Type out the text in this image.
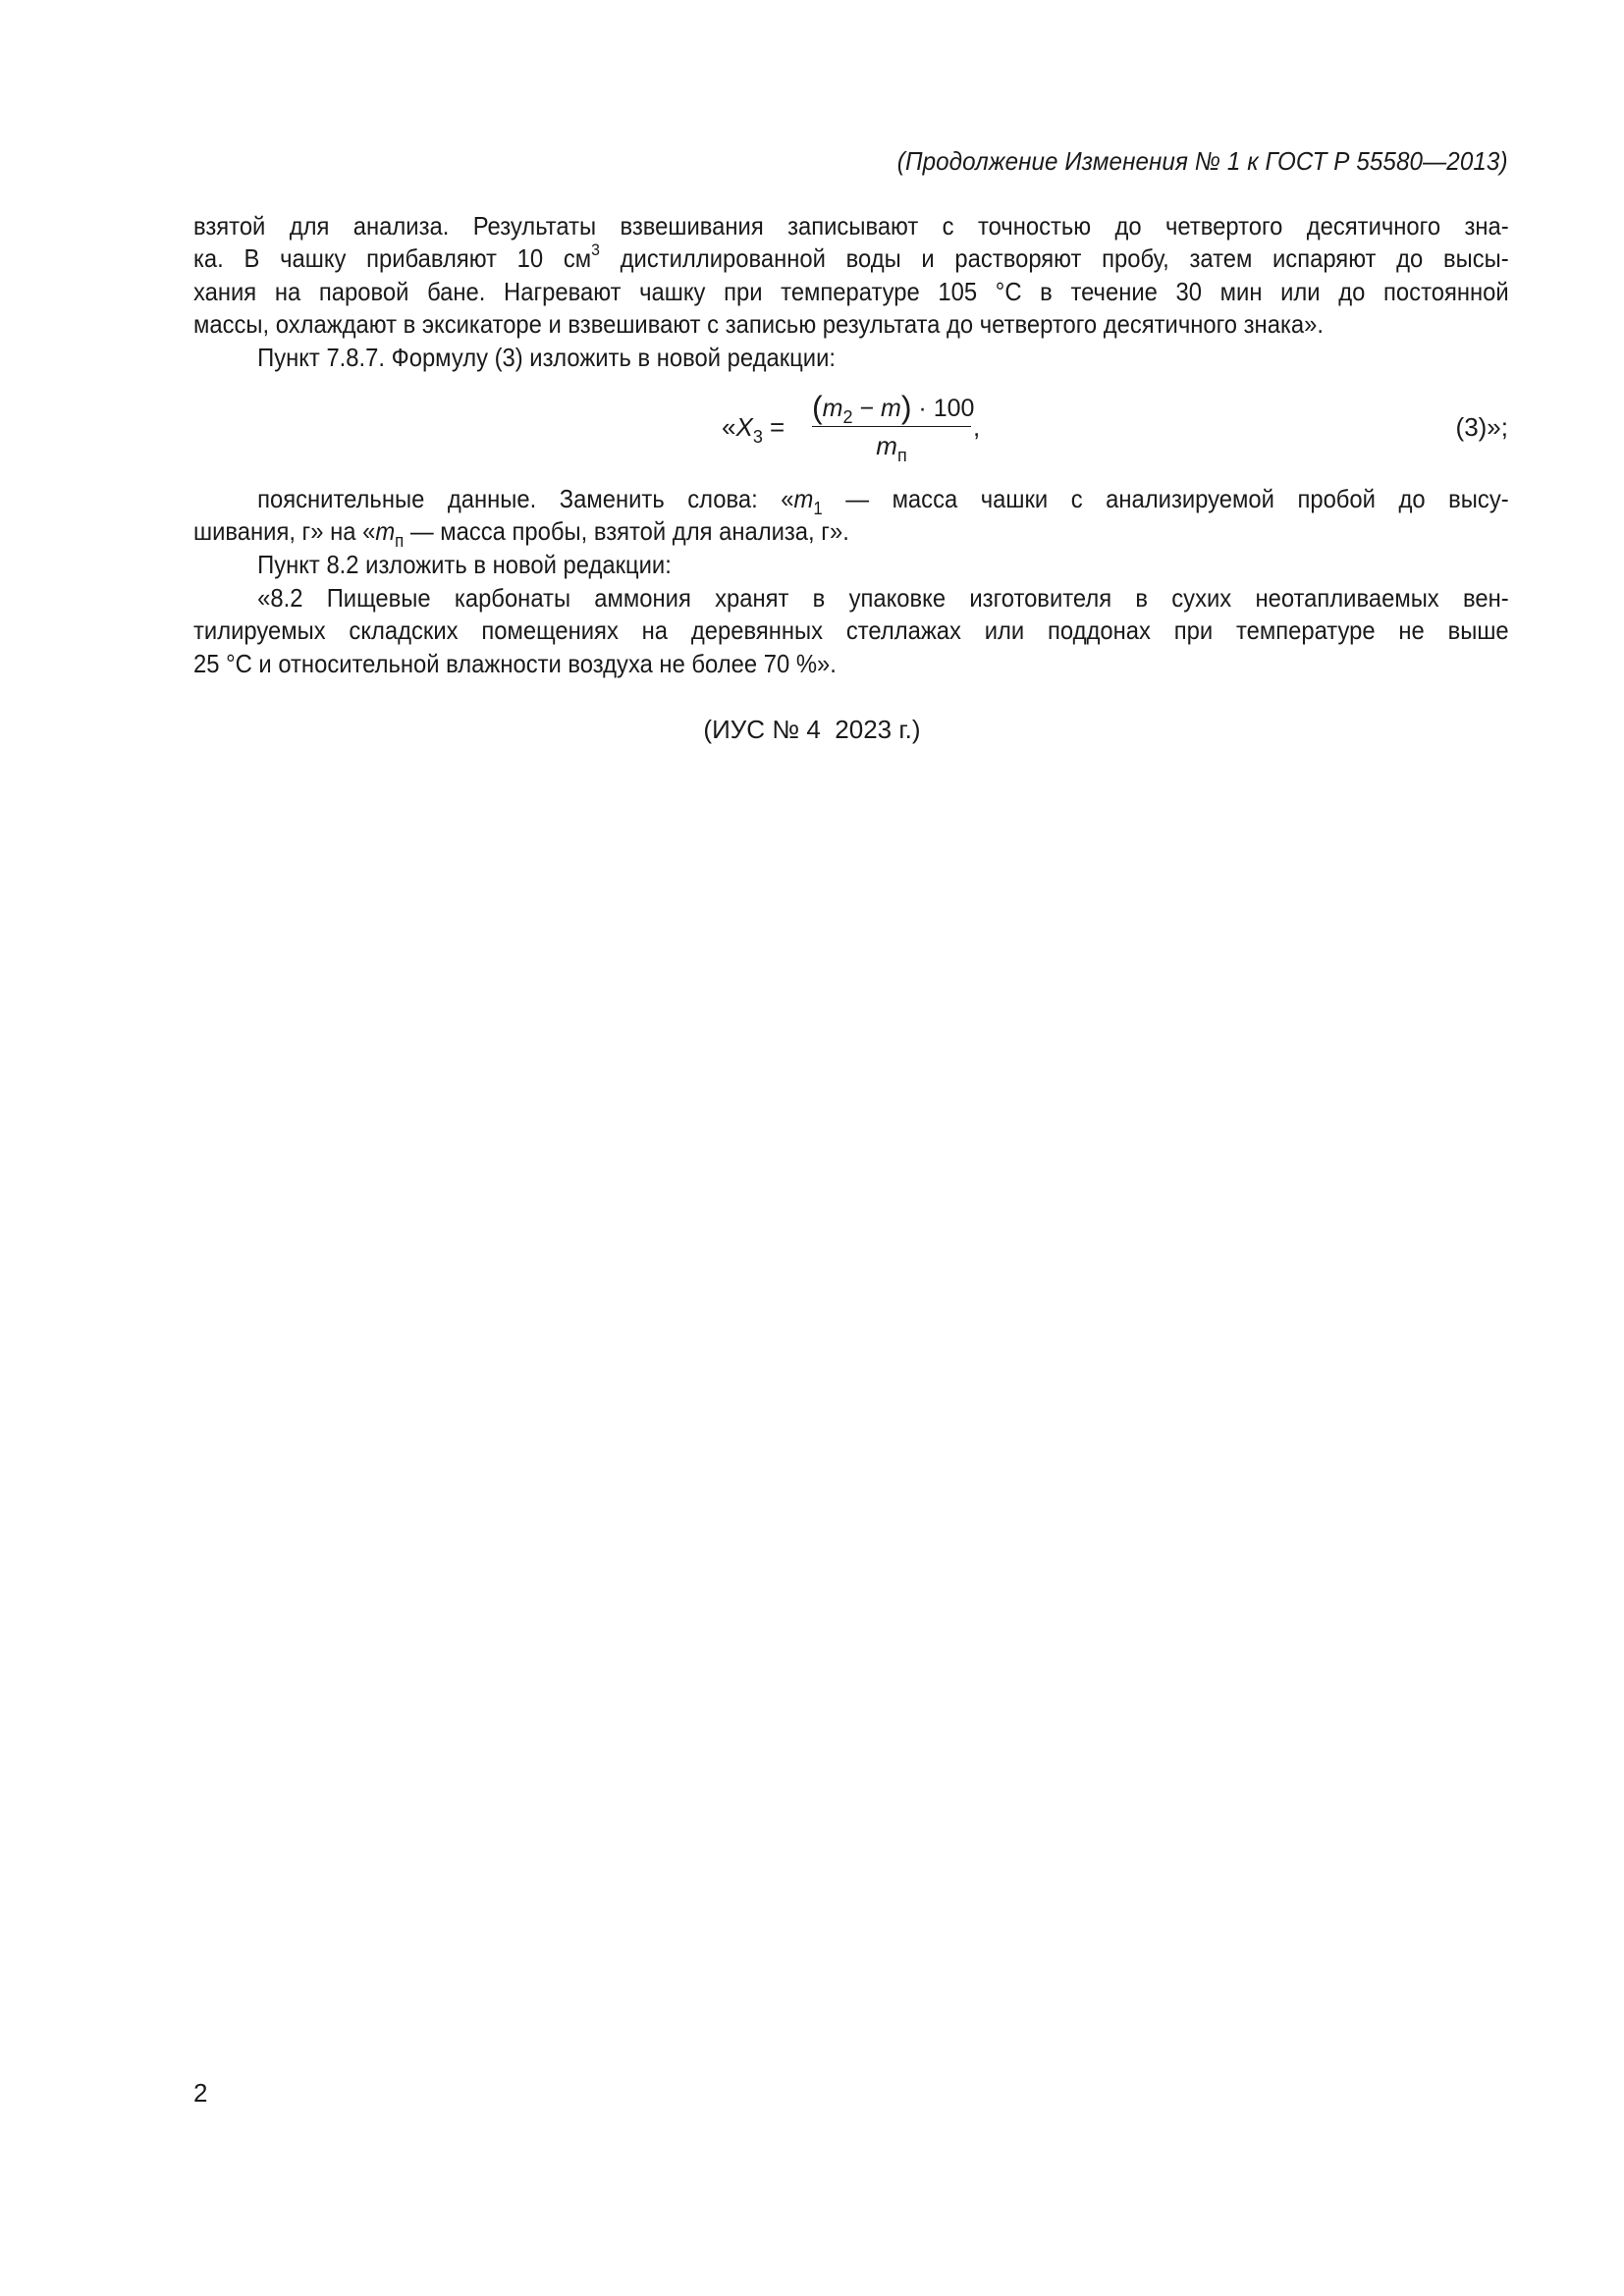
(Продолжение Изменения № 1 к ГОСТ Р 55580—2013)
взятой для анализа. Результаты взвешивания записывают с точностью до четвертого десятичного зна-
ка. В чашку прибавляют 10 $см^3$ дистиллированной воды и растворяют пробу, затем испаряют до высы-
хания на паровой бане. Нагревают чашку при температуре 105 °С в течение 30 мин или до постоянной
массы, охлаждают в эксикаторе и взвешивают с записью результата до четвертого десятичного знака».
Пункт 7.8.7. Формулу (3) изложить в новой редакции:
«$X_3$ =
$(m_2 - m) \cdot 100$
$m_п$
,	(3)»;
пояснительные данные. Заменить слова: «$m_1$ — масса чашки с анализируемой пробой до высу-
шивания, г» на «$m_п$ — масса пробы, взятой для анализа, г».
Пункт 8.2 изложить в новой редакции:
«8.2 Пищевые карбонаты аммония хранят в упаковке изготовителя в сухих неотапливаемых вен-
тилируемых складских помещениях на деревянных стеллажах или поддонах при температуре не выше
25 °С и относительной влажности воздуха не более 70 %».
(ИУС № 4  2023 г.)
2
